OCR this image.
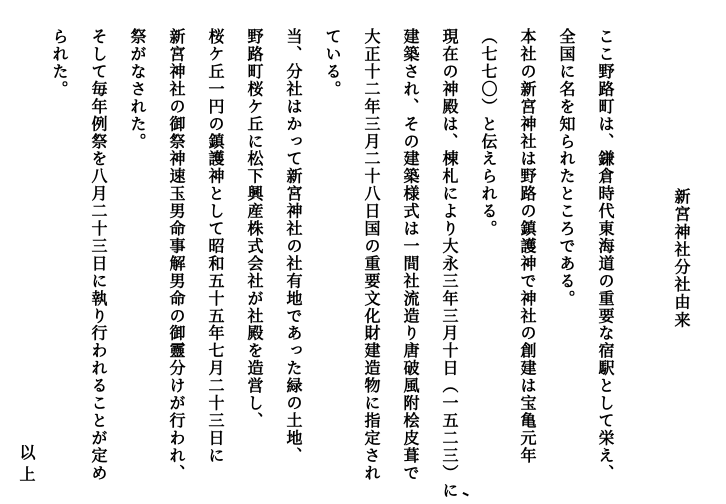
新宮神社分社由来
ここ野路町は、鎌倉時代東海道の重要な宿駅として栄え、
全国に名を知られたところである。
本社の新宮神社は野路の鎮護神で神社の創建は宝亀元年
（七七〇）と伝えられる。
現在の神殿は、棟札により大永三年三月十日（一五二三）に
建築され、その建築様式は一間社流造り唐破風附桧皮葺で
大正十二年三月二十八日国の重要文化財建造物に指定され
ている。
当、分社はかって新宮神社の社有地であった緑の土地、
野路町桜ケ丘に松下興産株式会社が社殿を造営し、
桜ケ丘一円の鎮護神として昭和五十五年七月二十三日に
新宮神社の御祭神速玉男命事解男命の御靈分けが行われ、
祭がなされた。
そして毎年例祭を八月二十三日に執り行われることが定め
られた。
以上
